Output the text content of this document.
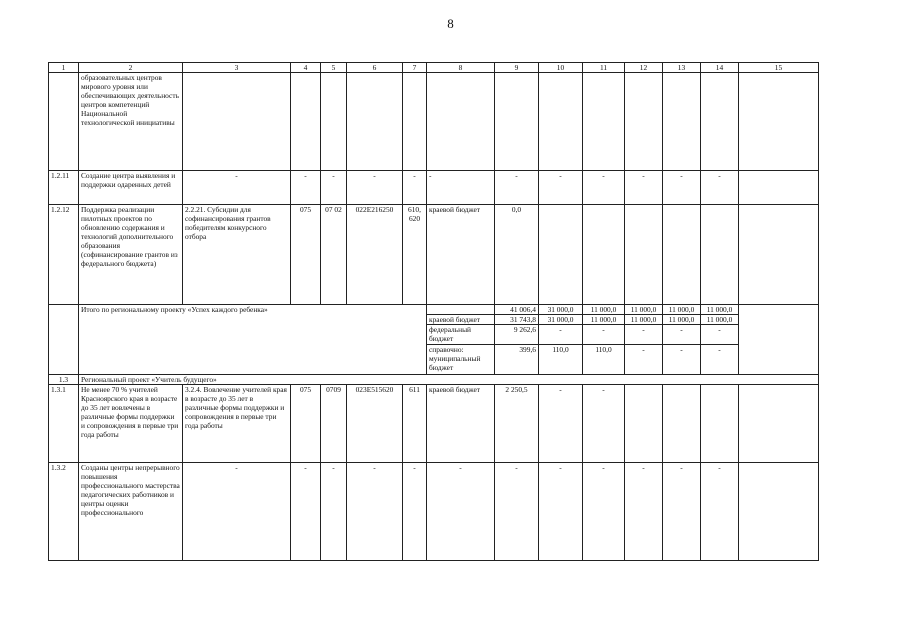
8
1	2	3	4	5	6	7	8	9	10	11	12	13	14	15
	образовательных центров мирового уровня или обеспечивающих деятельность центров компетенций Национальной технологической инициативы													
1.2.11	Создание центра выявления и поддержки одаренных детей	-	-	-	-	-	-	-	-	-	-	-	-	
1.2.12	Поддержка реализации пилотных проектов по обновлению содержания и технологий дополнительного образования (софинансирование грантов из федерального бюджета)	2.2.21. Субсидии для софинансирования грантов победителям конкурсного отбора	075	07 02	022E216250	610, 620	краевой бюджет	0,0						
	Итого по региональному проекту «Успех каждого ребенка»							41 006,4	31 000,0	11 000,0	11 000,0	11 000,0	11 000,0	
							краевой бюджет	31 743,8	31 000,0	11 000,0	11 000,0	11 000,0	11 000,0	
							федеральный бюджет	9 262,6	-	-	-	-	-	
							справочно: муниципальный бюджет	399,6	110,0	110,0	-	-	-	
1.3	Региональный проект «Учитель будущего»													
1.3.1	Не менее 70 % учителей Красноярского края в возрасте до 35 лет вовлечены в различные формы поддержки и сопровождения в первые три года работы	3.2.4. Вовлечение учителей края в возрасте до 35 лет в различные формы поддержки и сопровождения в первые три года работы	075	0709	023E515620	611	краевой бюджет	2 250,5	-	-				
1.3.2	Созданы центры непрерывного повышения профессионального мастерства педагогических работников и центры оценки профессионального	-	-	-	-	-	-	-	-	-	-	-	-	
